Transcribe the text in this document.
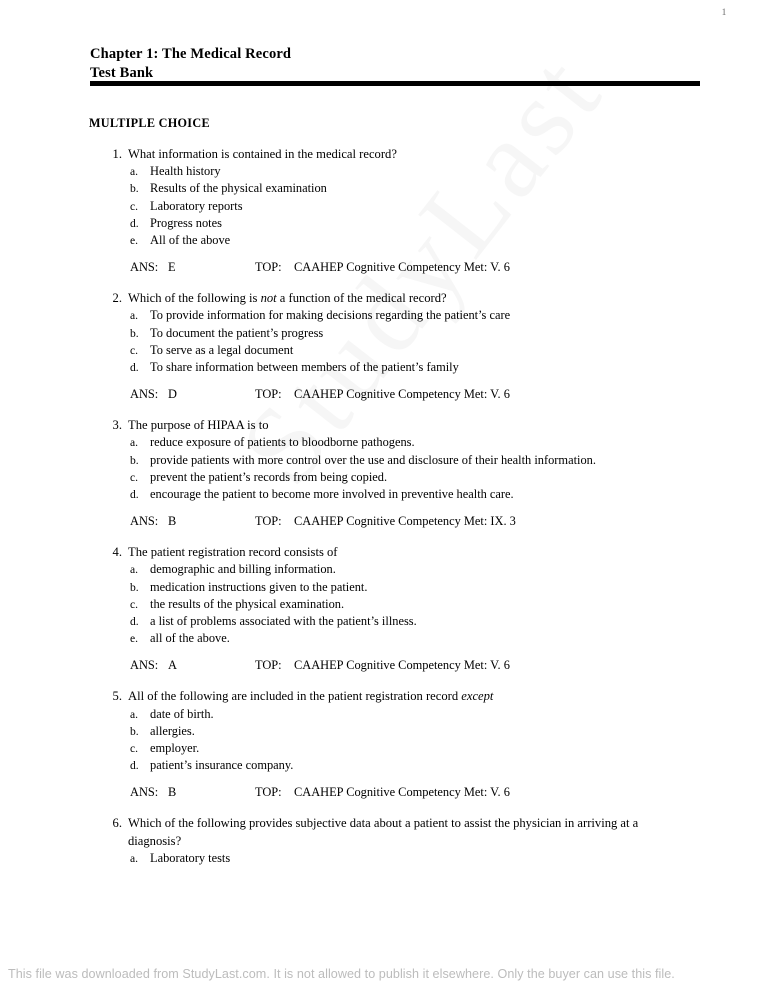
1
Chapter 1: The Medical Record
Test Bank
MULTIPLE CHOICE
1. What information is contained in the medical record?
a. Health history
b. Results of the physical examination
c. Laboratory reports
d. Progress notes
e. All of the above
ANS: E	TOP: CAAHEP Cognitive Competency Met: V. 6
2. Which of the following is not a function of the medical record?
a. To provide information for making decisions regarding the patient’s care
b. To document the patient’s progress
c. To serve as a legal document
d. To share information between members of the patient’s family
ANS: D	TOP: CAAHEP Cognitive Competency Met: V. 6
3. The purpose of HIPAA is to
a. reduce exposure of patients to bloodborne pathogens.
b. provide patients with more control over the use and disclosure of their health information.
c. prevent the patient’s records from being copied.
d. encourage the patient to become more involved in preventive health care.
ANS: B	TOP: CAAHEP Cognitive Competency Met: IX. 3
4. The patient registration record consists of
a. demographic and billing information.
b. medication instructions given to the patient.
c. the results of the physical examination.
d. a list of problems associated with the patient’s illness.
e. all of the above.
ANS: A	TOP: CAAHEP Cognitive Competency Met: V. 6
5. All of the following are included in the patient registration record except
a. date of birth.
b. allergies.
c. employer.
d. patient’s insurance company.
ANS: B	TOP: CAAHEP Cognitive Competency Met: V. 6
6. Which of the following provides subjective data about a patient to assist the physician in arriving at a diagnosis?
a. Laboratory tests
This file was downloaded from StudyLast.com. It is not allowed to publish it elsewhere. Only the buyer can use this file.
